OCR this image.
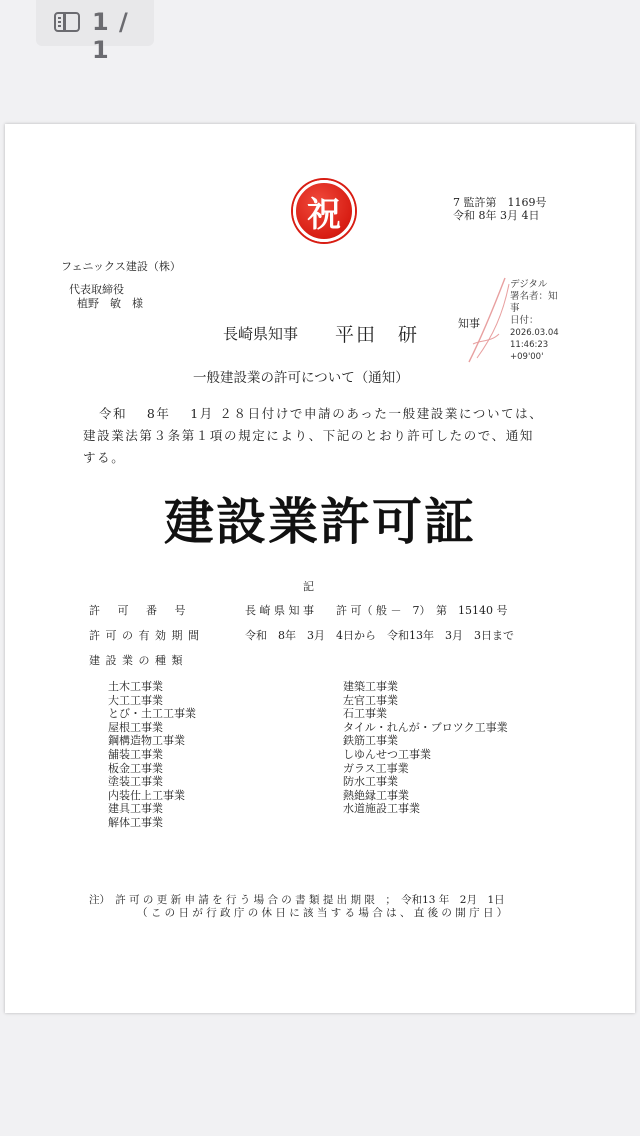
1 / 1
祝	7 監許第　1169号
令和 8年 3月 4日
フェニックス建設（株）
代表取締役
植野　敏　様
長崎県知事 平田　研
知事
デジタル
署名者：知
事
日付：
2026.03.04
11:46:23
+09'00'
一般建設業の許可について（通知）
令和　 8年　 1月 ２８日付けで申請のあった一般建設業については、
建設業法第３条第１項の規定により、下記のとおり許可したので、通知
する。
建設業許可証
記
許　 可　 番　 号	長 崎 県 知 事　　許 可（ 般 －　7）　第　15140 号
許 可 の 有 効 期 間	令和　8年　3月　4日から　令和13年　3月　3日まで
建 設 業 の 種 類
土木工事業
大工工事業
とび・土工工事業
屋根工事業
鋼構造物工事業
舗装工事業
板金工事業
塗装工事業
内装仕上工事業
建具工事業
解体工事業
建築工事業
左官工事業
石工事業
タイル・れんが・ブロツク工事業
鉄筋工事業
しゆんせつ工事業
ガラス工事業
防水工事業
熱絶縁工事業
水道施設工事業
注）　許 可 の 更 新 申 請 を 行 う 場 合 の 書 類 提 出 期 限　；　令和13 年　2月　1日
（ こ の 日 が 行 政 庁 の 休 日 に 該 当 す る 場 合 は 、 直 後 の 開 庁 日 ）
